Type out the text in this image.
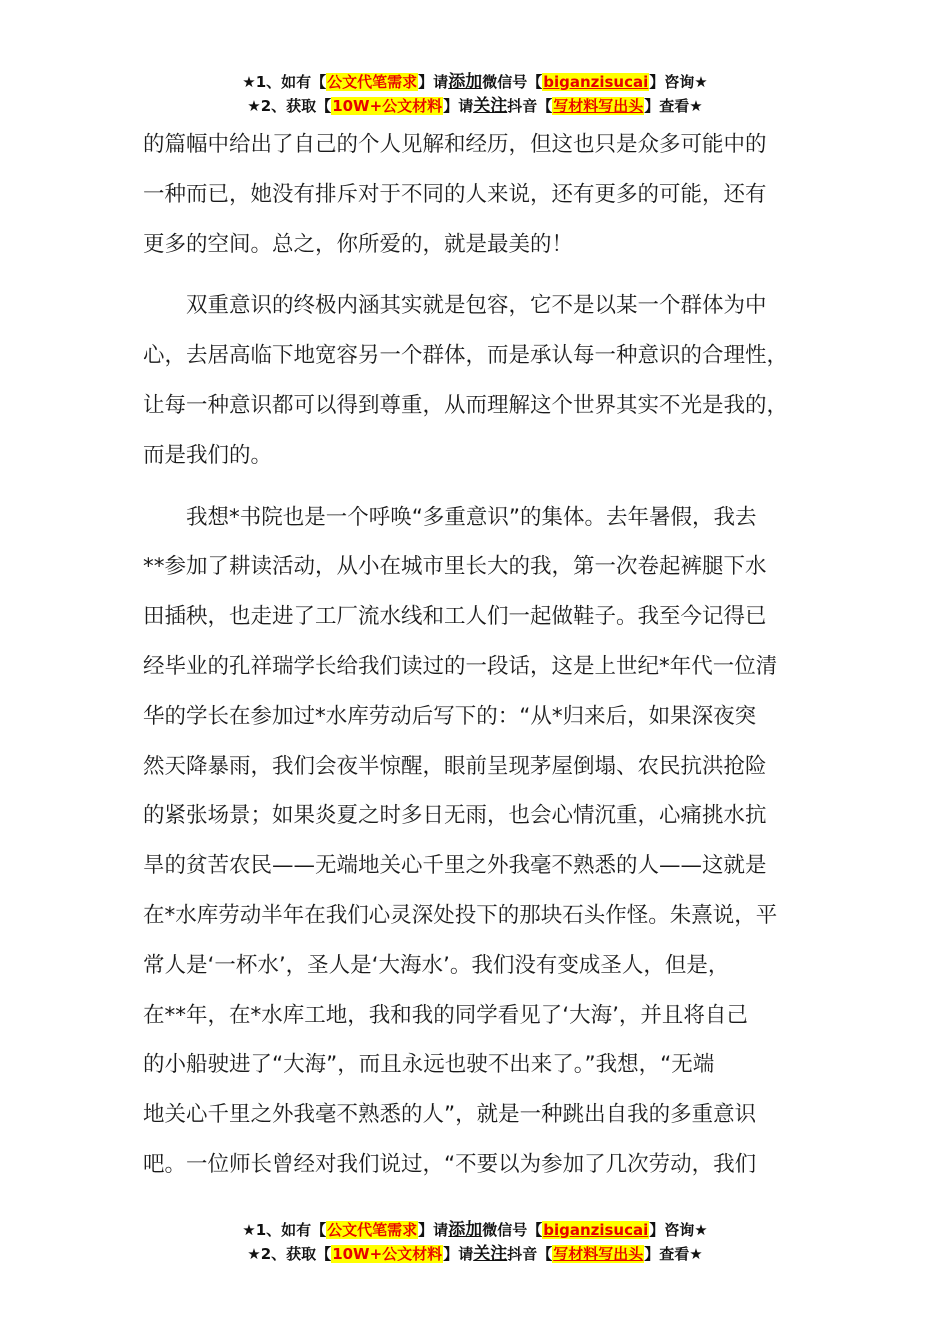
★1、如有【公文代笔需求】请添加微信号【biganzisucai】咨询★
★2、获取【10W+公文材料】请关注抖音【写材料写出头】查看★
的篇幅中给出了自己的个人见解和经历，但这也只是众多可能中的
一种而已，她没有排斥对于不同的人来说，还有更多的可能，还有
更多的空间。总之，你所爱的，就是最美的！
双重意识的终极内涵其实就是包容，它不是以某一个群体为中
心，去居高临下地宽容另一个群体，而是承认每一种意识的合理性，
让每一种意识都可以得到尊重，从而理解这个世界其实不光是我的，
而是我们的。
我想*书院也是一个呼唤“多重意识”的集体。去年暑假，我去
**参加了耕读活动，从小在城市里长大的我，第一次卷起裤腿下水
田插秧，也走进了工厂流水线和工人们一起做鞋子。我至今记得已
经毕业的孔祥瑞学长给我们读过的一段话，这是上世纪*年代一位清
华的学长在参加过*水库劳动后写下的：“从*归来后，如果深夜突
然天降暴雨，我们会夜半惊醒，眼前呈现茅屋倒塌、农民抗洪抢险
的紧张场景；如果炎夏之时多日无雨，也会心情沉重，心痛挑水抗
旱的贫苦农民——无端地关心千里之外我毫不熟悉的人——这就是
在*水库劳动半年在我们心灵深处投下的那块石头作怪。朱熹说，平
常人是‘一杯水’，圣人是‘大海水’。我们没有变成圣人，但是，
在**年，在*水库工地，我和我的同学看见了‘大海’，并且将自己
的小船驶进了“大海”，而且永远也驶不出来了。”我想，“无端
地关心千里之外我毫不熟悉的人”，就是一种跳出自我的多重意识
吧。一位师长曾经对我们说过，“不要以为参加了几次劳动，我们
★1、如有【公文代笔需求】请添加微信号【biganzisucai】咨询★
★2、获取【10W+公文材料】请关注抖音【写材料写出头】查看★
